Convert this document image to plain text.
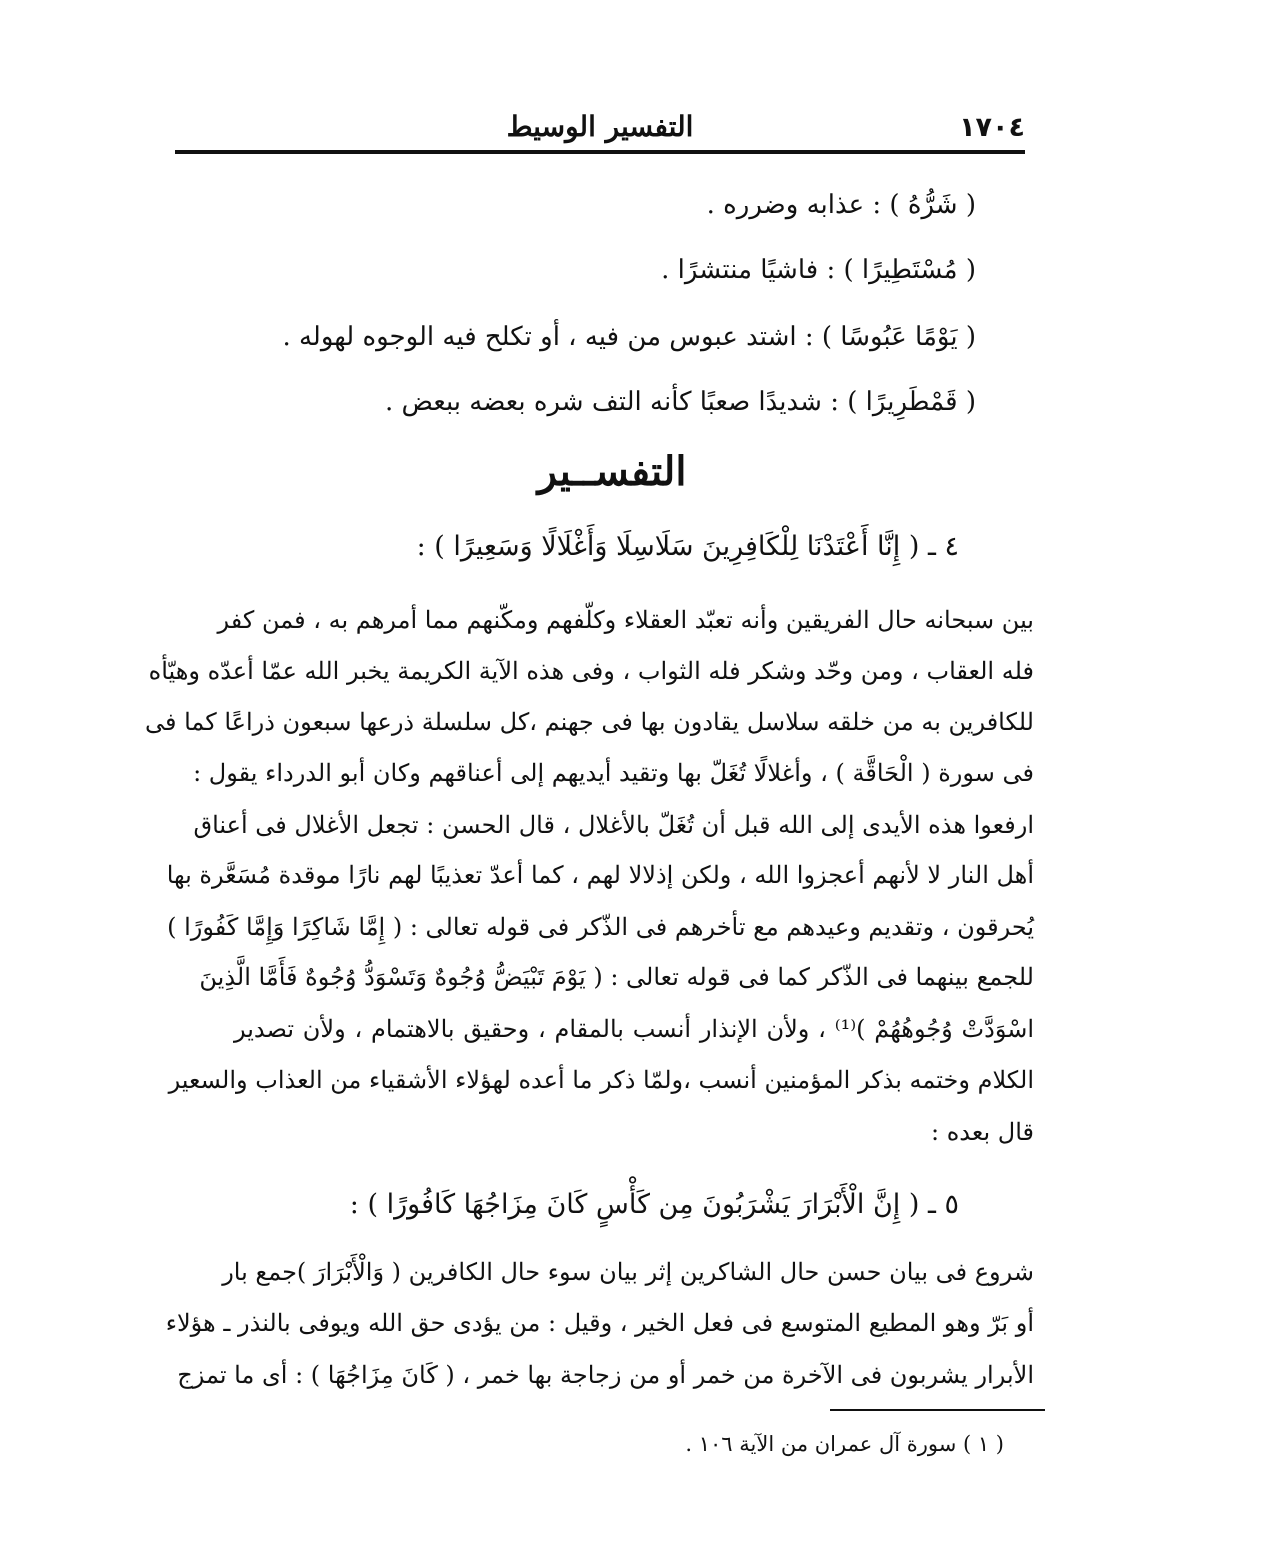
١٧٠٤
التفسير الوسيط
( شَرُّهُ ) : عذابه وضرره .
( مُسْتَطِيرًا ) : فاشيًا منتشرًا .
( يَوْمًا عَبُوسًا ) : اشتد عبوس من فيه ، أو تكلح فيه الوجوه لهوله .
( قَمْطَرِيرًا ) : شديدًا صعبًا كأنه التف شره بعضه ببعض .
التفســير
٤ ـ ( إِنَّا أَعْتَدْنَا لِلْكَافِرِينَ سَلَاسِلَا وَأَغْلَالًا وَسَعِيرًا ) :
بين سبحانه حال الفريقين وأنه تعبّد العقلاء وكلّفهم ومكّنهم مما أمرهم به ، فمن كفر
فله العقاب ، ومن وحّد وشكر فله الثواب ، وفى هذه الآية الكريمة يخبر الله عمّا أعدّه وهيّأه
للكافرين به من خلقه سلاسل يقادون بها فى جهنم ،كل سلسلة ذرعها سبعون ذراعًا كما فى
فى سورة ( الْحَاقَّة ) ، وأغلالًا تُغَلّ بها وتقيد أيديهم إلى أعناقهم وكان أبو الدرداء يقول :
ارفعوا هذه الأيدى إلى الله قبل أن تُغَلّ بالأغلال ، قال الحسن : تجعل الأغلال فى أعناق
أهل النار لا لأنهم أعجزوا الله ، ولكن إذلالا لهم ، كما أعدّ تعذيبًا لهم نارًا موقدة مُسَعَّرة بها
يُحرقون ، وتقديم وعيدهم مع تأخرهم فى الذّكر فى قوله تعالى : ( إِمَّا شَاكِرًا وَإِمَّا كَفُورًا )
للجمع بينهما فى الذّكر كما فى قوله تعالى : ( يَوْمَ تَبْيَضُّ وُجُوهٌ وَتَسْوَدُّ وُجُوهٌ فَأَمَّا الَّذِينَ
اسْوَدَّتْ وُجُوهُهُمْ )⁽¹⁾ ، ولأن الإنذار أنسب بالمقام ، وحقيق بالاهتمام ، ولأن تصدير
الكلام وختمه بذكر المؤمنين أنسب ،ولمّا ذكر ما أعده لهؤلاء الأشقياء من العذاب والسعير
قال بعده :
٥ ـ ( إِنَّ الْأَبْرَارَ يَشْرَبُونَ مِن كَأْسٍ كَانَ مِزَاجُهَا كَافُورًا ) :
شروع فى بيان حسن حال الشاكرين إثر بيان سوء حال الكافرين ( وَالْأَبْرَارَ )جمع بار
أو بَرّ وهو المطيع المتوسع فى فعل الخير ، وقيل : من يؤدى حق الله ويوفى بالنذر ـ هؤلاء
الأبرار يشربون فى الآخرة من خمر أو من زجاجة بها خمر ، ( كَانَ مِزَاجُهَا ) : أى ما تمزج
( ١ ) سورة آل عمران من الآية ١٠٦ .
